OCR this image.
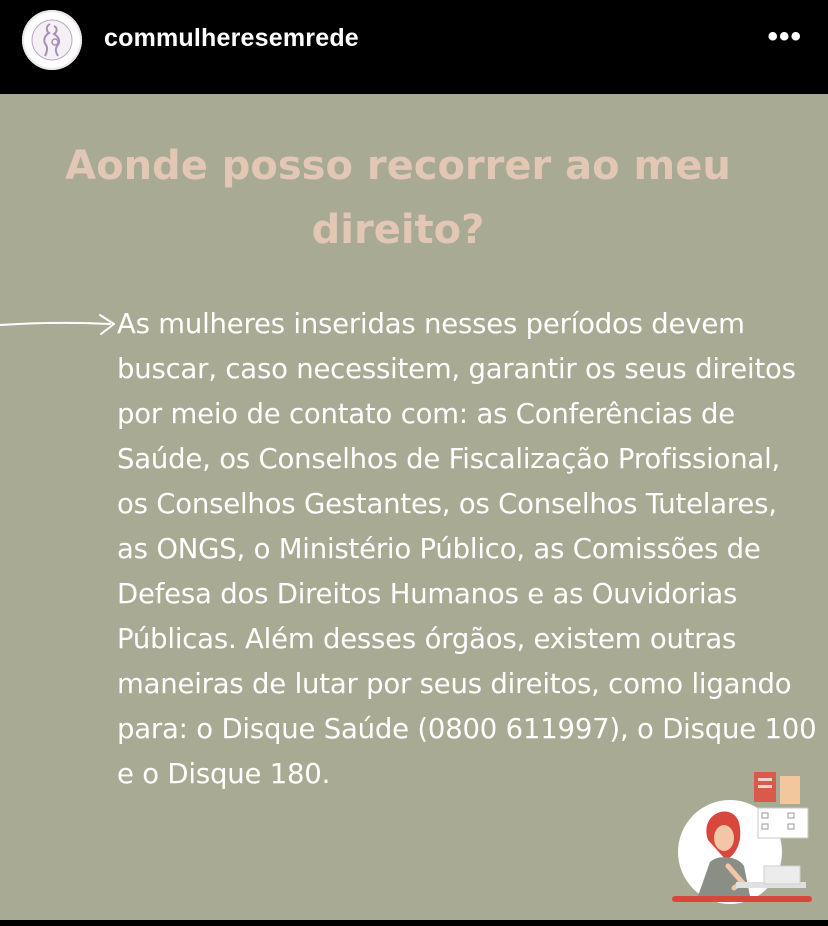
commulheresemrede	•••
Aonde posso recorrer ao meu
direito?
As mulheres inseridas nesses períodos devem
buscar, caso necessitem, garantir os seus direitos
por meio de contato com: as Conferências de
Saúde, os Conselhos de Fiscalização Profissional,
os Conselhos Gestantes, os Conselhos Tutelares,
as ONGS, o Ministério Público, as Comissões de
Defesa dos Direitos Humanos e as Ouvidorias
Públicas. Além desses órgãos, existem outras
maneiras de lutar por seus direitos, como ligando
para: o Disque Saúde (0800 611997), o Disque 100
e o Disque 180.
